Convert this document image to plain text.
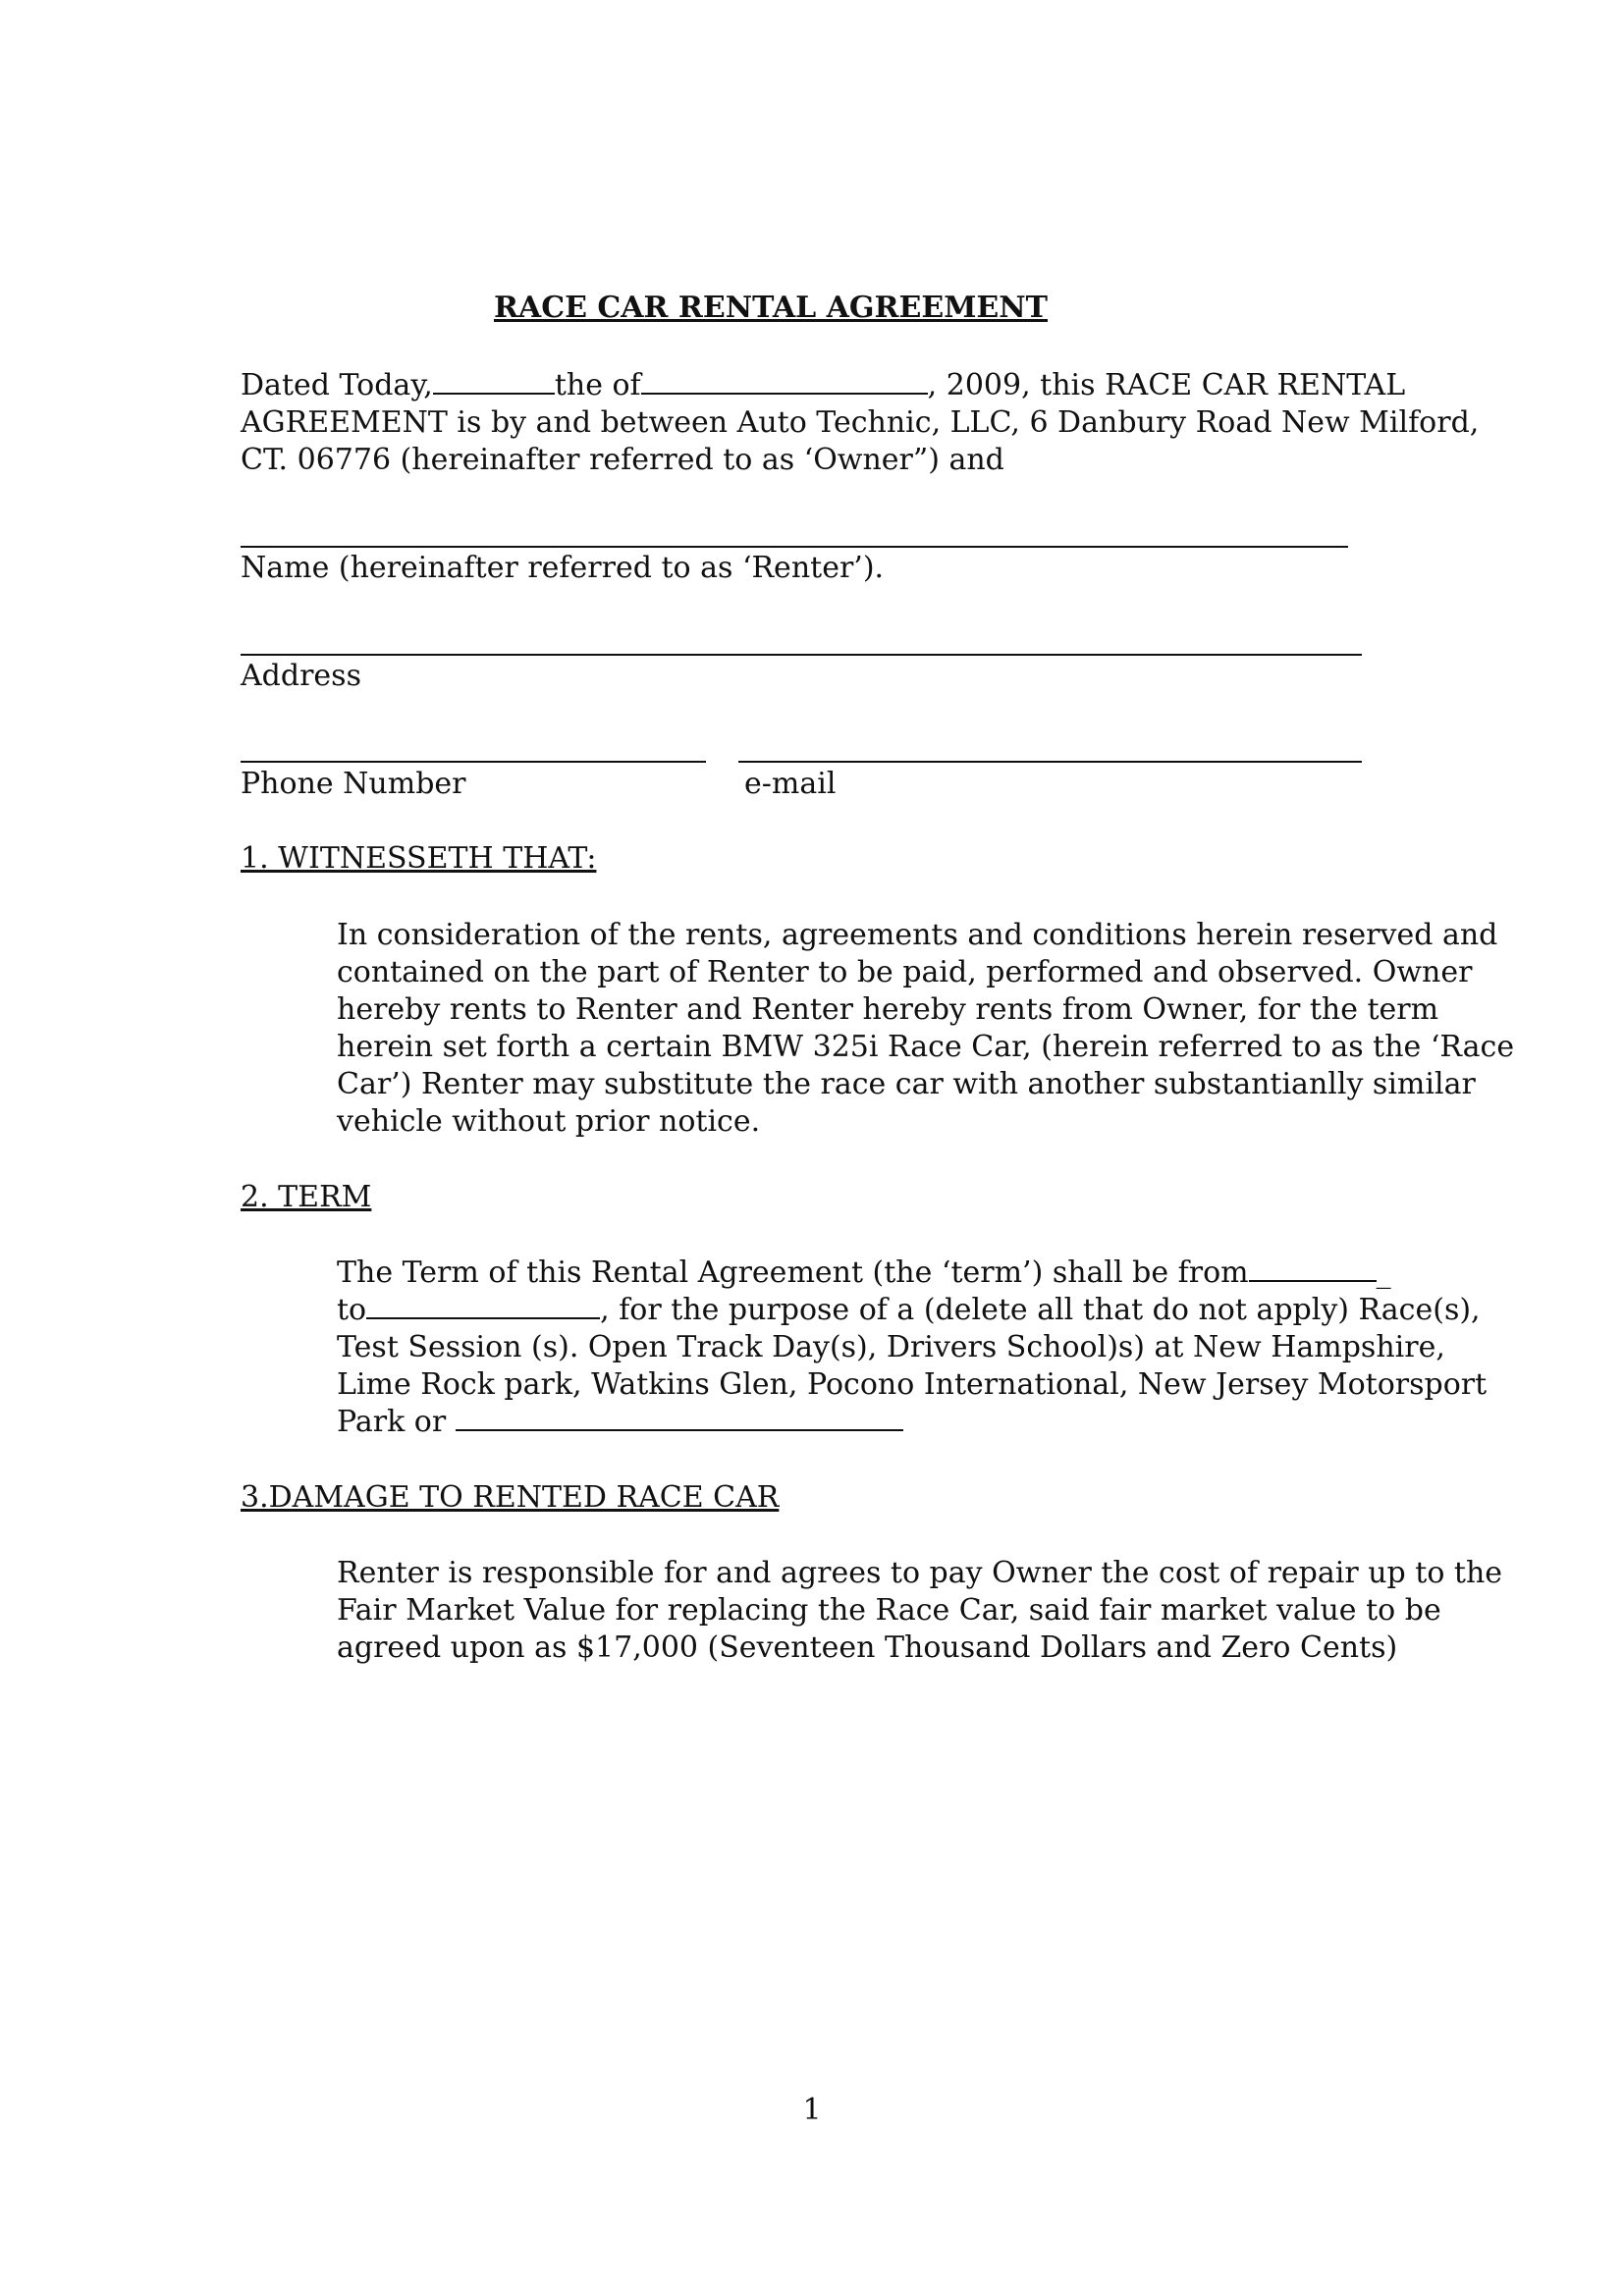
RACE CAR RENTAL AGREEMENT
Dated Today,	the of	, 2009, this RACE CAR RENTAL
AGREEMENT is by and between Auto Technic, LLC, 6 Danbury Road New Milford,
CT. 06776 (hereinafter referred to as ‘Owner”) and
Name (hereinafter referred to as ‘Renter’).
Address
Phone Number	e-mail
1. WITNESSETH THAT:
In consideration of the rents, agreements and conditions herein reserved and
contained on the part of Renter to be paid, performed and observed. Owner
hereby rents to Renter and Renter hereby rents from Owner, for the term
herein set forth a certain BMW 325i Race Car, (herein referred to as the ‘Race
Car’) Renter may substitute the race car with another substantianlly similar
vehicle without prior notice.
2. TERM
The Term of this Rental Agreement (the ‘term’) shall be from	_
to	, for the purpose of a (delete all that do not apply) Race(s),
Test Session (s). Open Track Day(s), Drivers School)s) at New Hampshire,
Lime Rock park, Watkins Glen, Pocono International, New Jersey Motorsport
Park or
3.DAMAGE TO RENTED RACE CAR
Renter is responsible for and agrees to pay Owner the cost of repair up to the
Fair Market Value for replacing the Race Car, said fair market value to be
agreed upon as $17,000 (Seventeen Thousand Dollars and Zero Cents)
1
